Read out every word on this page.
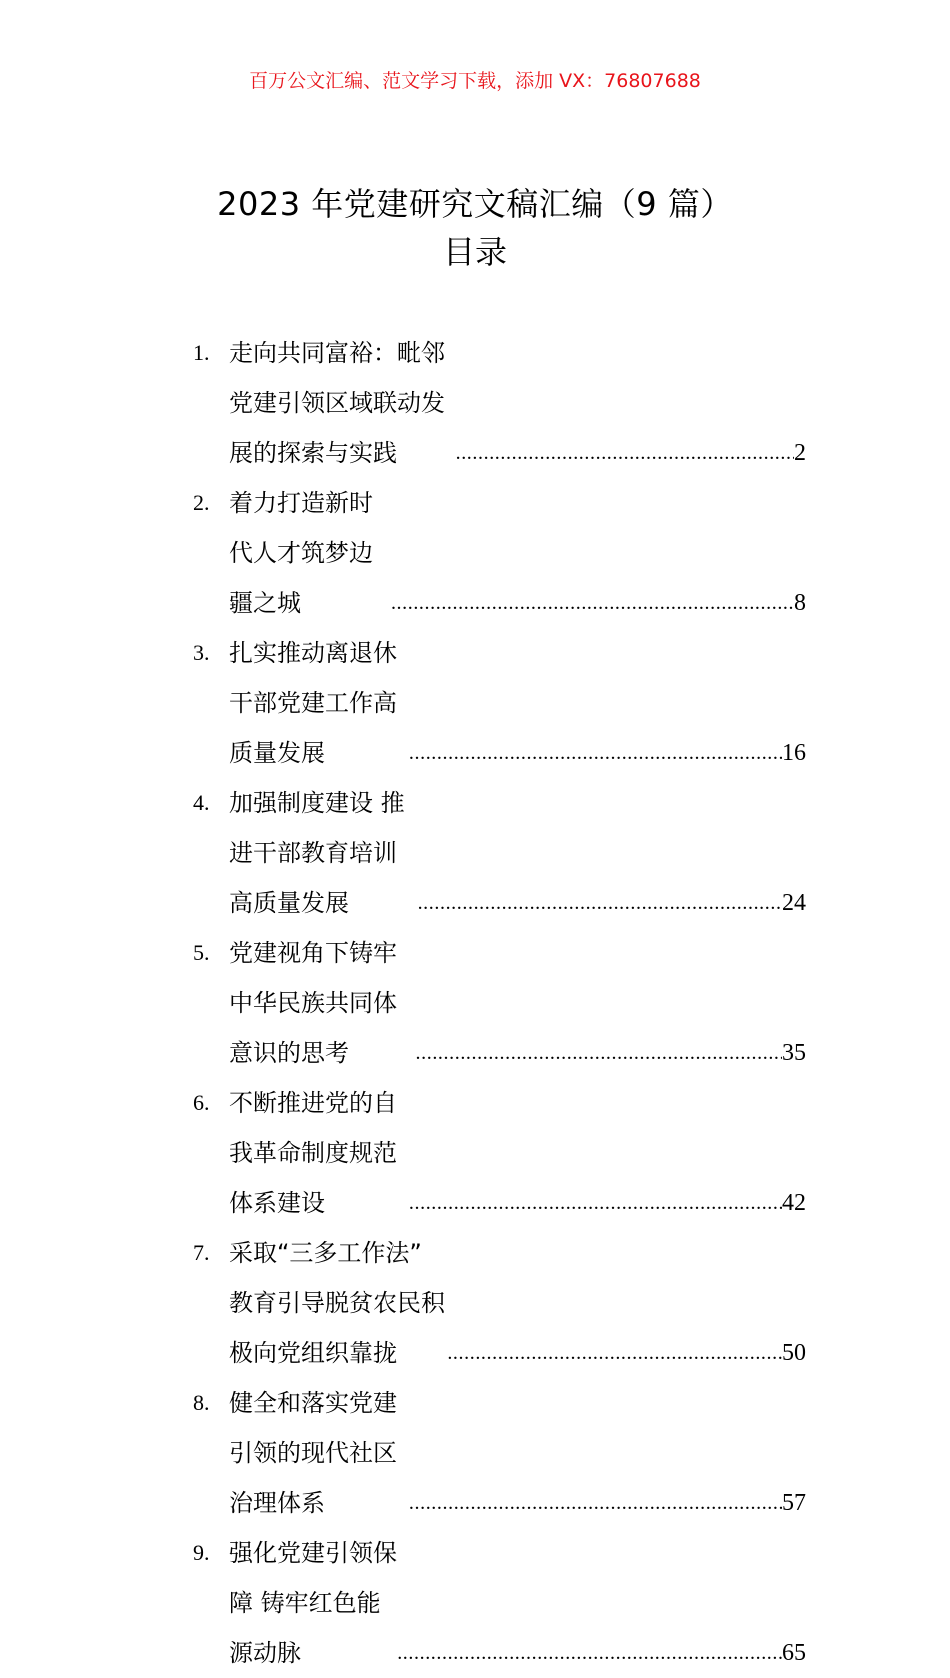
百万公文汇编、范文学习下载，添加 VX：76807688
2023 年党建研究文稿汇编（9 篇）
目录
1. 走向共同富裕：毗邻党建引领区域联动发展的探索与实践 .....	2
2. 着力打造新时代人才筑梦边疆之城 .....	8
3. 扎实推动离退休干部党建工作高质量发展 .....	16
4. 加强制度建设 推进干部教育培训高质量发展 .....	24
5. 党建视角下铸牢中华民族共同体意识的思考 .....	35
6. 不断推进党的自我革命制度规范体系建设 .....	42
7. 采取“三多工作法” 教育引导脱贫农民积极向党组织靠拢 .....	50
8. 健全和落实党建引领的现代社区治理体系 .....	57
9. 强化党建引领保障 铸牢红色能源动脉 .....	65
